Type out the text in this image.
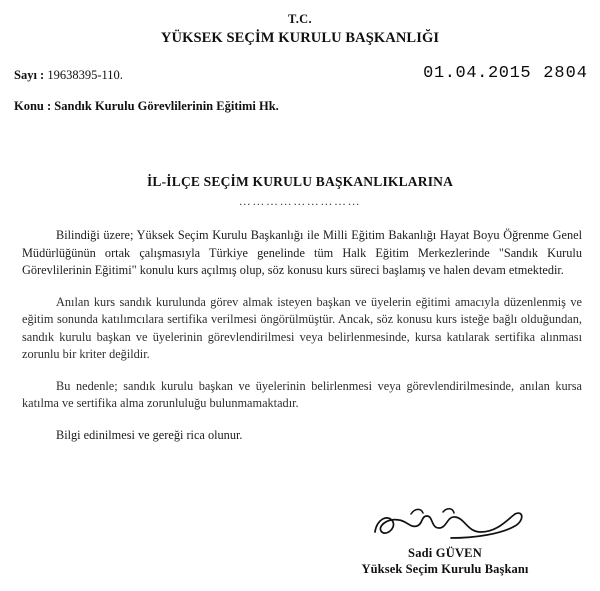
T.C.
YÜKSEK SEÇİM KURULU BAŞKANLIĞI
Sayı : 19638395-110.	01.04.2015 2804
Konu : Sandık Kurulu Görevlilerinin Eğitimi Hk.
İL-İLÇE SEÇİM KURULU BAŞKANLIKLARINA
………………………

Bilindiği üzere; Yüksek Seçim Kurulu Başkanlığı ile Milli Eğitim Bakanlığı Hayat Boyu Öğrenme Genel Müdürlüğünün ortak çalışmasıyla Türkiye genelinde tüm Halk Eğitim Merkezlerinde "Sandık Kurulu Görevlilerinin Eğitimi" konulu kurs açılmış olup, söz konusu kurs süreci başlamış ve halen devam etmektedir.

Anılan kurs sandık kurulunda görev almak isteyen başkan ve üyelerin eğitimi amacıyla düzenlenmiş ve eğitim sonunda katılımcılara sertifika verilmesi öngörülmüştür. Ancak, söz konusu kurs isteğe bağlı olduğundan, sandık kurulu başkan ve üyelerinin görevlendirilmesi veya belirlenmesinde, kursa katılarak sertifika alınması zorunlu bir kriter değildir.

Bu nedenle; sandık kurulu başkan ve üyelerinin belirlenmesi veya görevlendirilmesinde, anılan kursa katılma ve sertifika alma zorunluluğu bulunmamaktadır.

Bilgi edinilmesi ve gereği rica olunur.

Sadi GÜVEN
Yüksek Seçim Kurulu Başkanı
